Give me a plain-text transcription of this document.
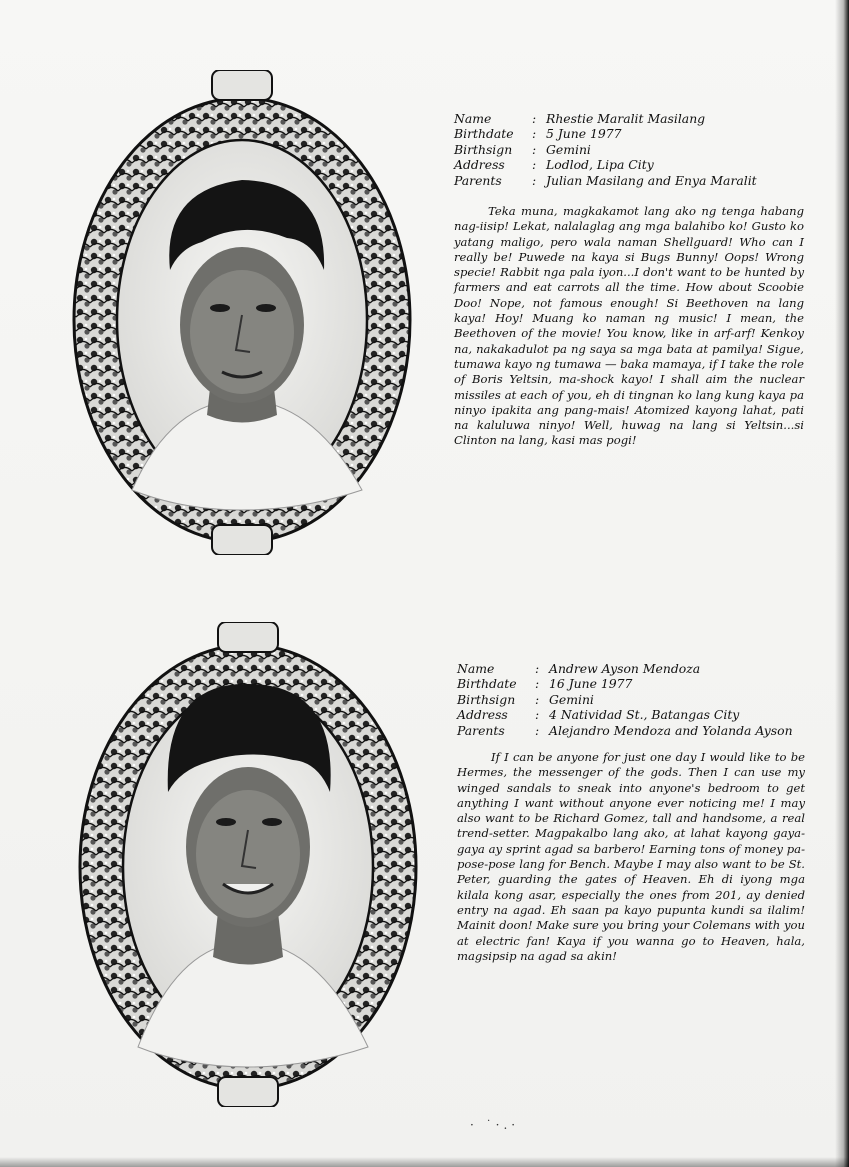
Name	: Rhestie Maralit Masilang
Birthdate	: 5 June 1977
Birthsign	: Gemini
Address	: Lodlod, Lipa City
Parents	: Julian Masilang and Enya Maralit

Teka muna, magkakamot lang ako ng tenga habang nag-iisip! Lekat, nalalaglag ang mga balahibo ko! Gusto ko yatang maligo, pero wala naman Shellguard! Who can I really be! Puwede na kaya si Bugs Bunny! Oops! Wrong specie! Rabbit nga pala iyon...I don't want to be hunted by farmers and eat carrots all the time. How about Scoobie Doo! Nope, not famous enough! Si Beethoven na lang kaya! Hoy! Muang ko naman ng music! I mean, the Beethoven of the movie! You know, like in arf-arf! Kenkoy na, nakakadulot pa ng saya sa mga bata at pamilya! Sigue, tumawa kayo ng tumawa — baka mamaya, if I take the role of Boris Yeltsin, ma-shock kayo! I shall aim the nuclear missiles at each of you, eh di tingnan ko lang kung kaya pa ninyo ipakita ang pang-mais! Atomized kayong lahat, pati na kaluluwa ninyo! Well, huwag na lang si Yeltsin...si Clinton na lang, kasi mas pogi!

Name	: Andrew Ayson Mendoza
Birthdate	: 16 June 1977
Birthsign	: Gemini
Address	: 4 Natividad St., Batangas City
Parents	: Alejandro Mendoza and Yolanda Ayson

If I can be anyone for just one day I would like to be Hermes, the messenger of the gods. Then I can use my winged sandals to sneak into anyone's bedroom to get anything I want without anyone ever noticing me! I may also want to be Richard Gomez, tall and handsome, a real trend-setter. Magpakalbo lang ako, at lahat kayong gaya-gaya ay sprint agad sa barbero! Earning tons of money pa-pose-pose lang for Bench. Maybe I may also want to be St. Peter, guarding the gates of Heaven. Eh di iyong mga kilala kong asar, especially the ones from 201, ay denied entry na agad. Eh saan pa kayo pupunta kundi sa ilalim! Mainit doon! Make sure you bring your Colemans with you at electric fan! Kaya if you wanna go to Heaven, hala, magsipsip na agad sa akin!

· ˙·.·
